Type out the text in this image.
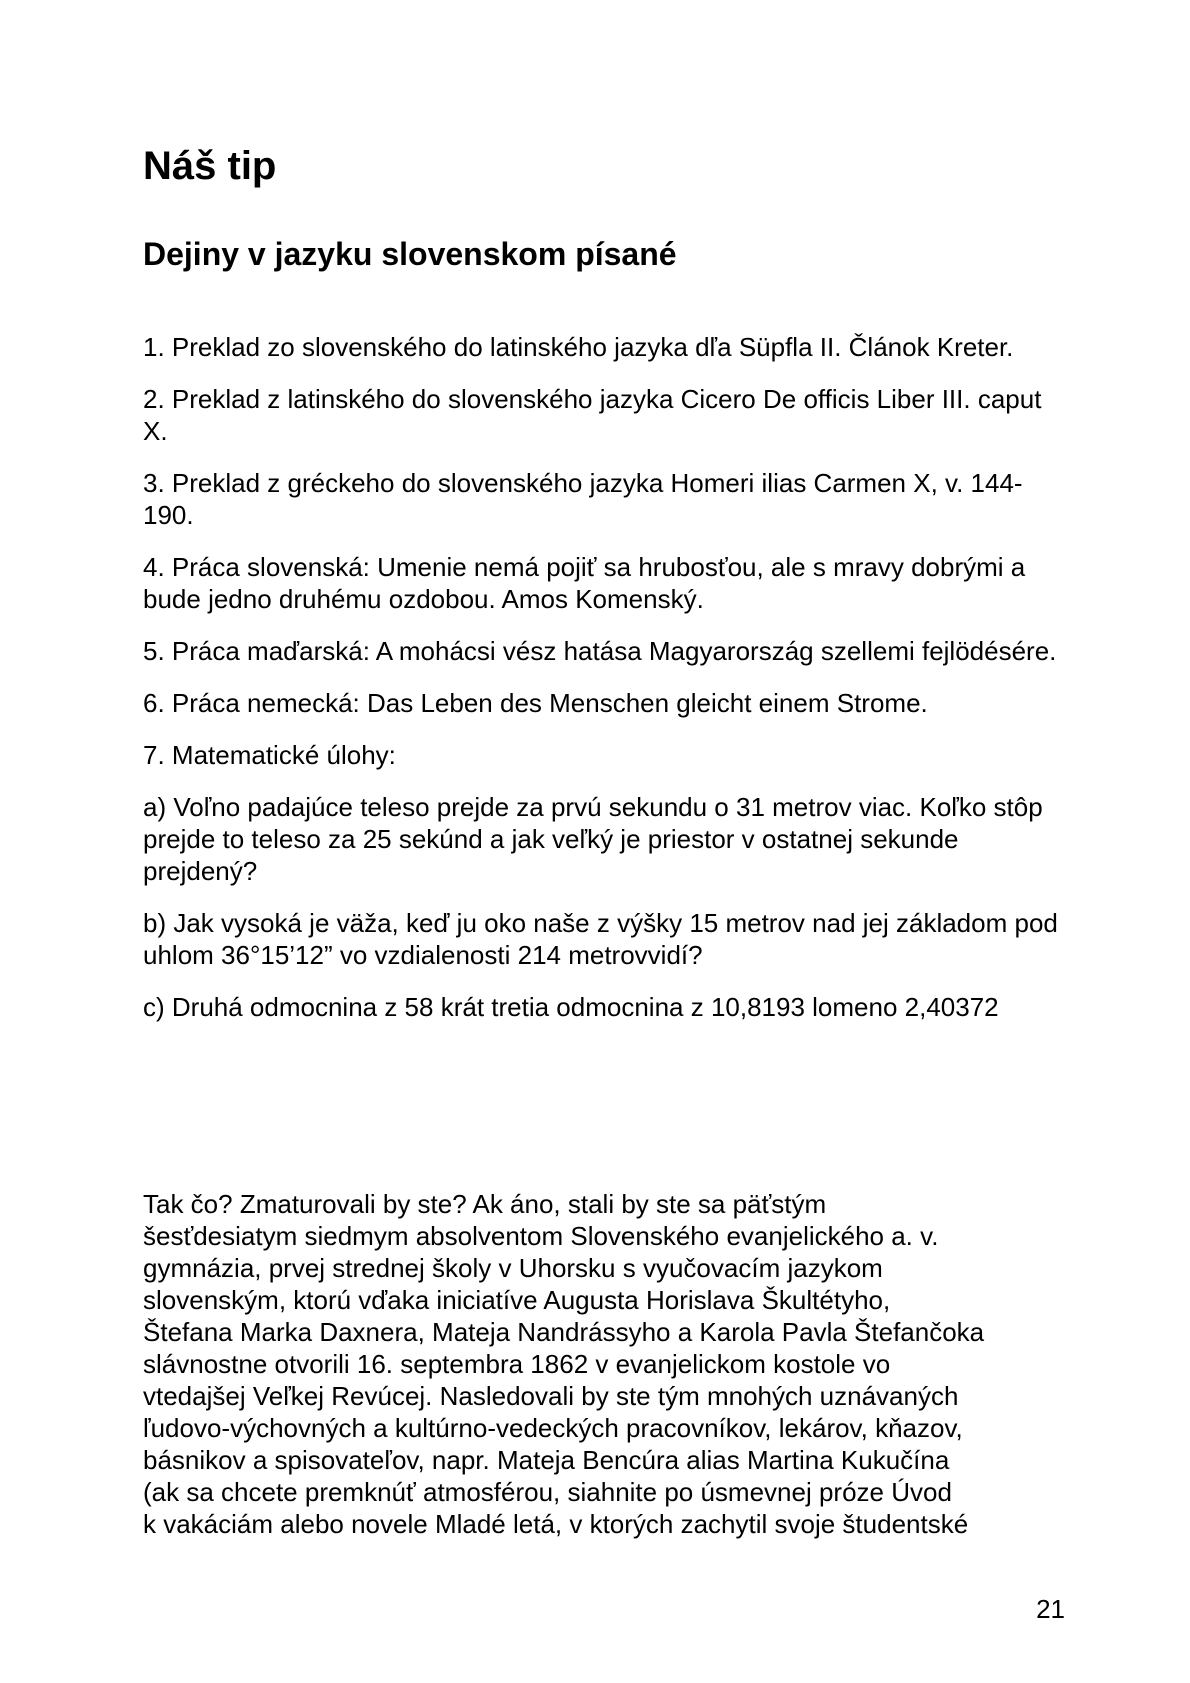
Náš tip
Dejiny v jazyku slovenskom písané

1. Preklad zo slovenského do latinského jazyka dľa Süpfla II. Článok Kreter.

2. Preklad z latinského do slovenského jazyka Cicero De officis Liber III. caput X.

3. Preklad z gréckeho do slovenského jazyka Homeri ilias Carmen X, v. 144-190.

4. Práca slovenská: Umenie nemá pojiť sa hrubosťou, ale s mravy dobrými a bude jedno druhému ozdobou. Amos Komenský.

5. Práca maďarská: A mohácsi vész hatása Magyarország szellemi fejlödésére.

6. Práca nemecká: Das Leben des Menschen gleicht einem Strome.

7. Matematické úlohy:

a) Voľno padajúce teleso prejde za prvú sekundu o 31 metrov viac. Koľko stôp prejde to teleso za 25 sekúnd a jak veľký je priestor v ostatnej sekunde prejdený?

b) Jak vysoká je väža, keď ju oko naše z výšky 15 metrov nad jej základom pod uhlom 36°15’12” vo vzdialenosti 214 metrovvidí?

c) Druhá odmocnina z 58 krát tretia odmocnina z 10,8193 lomeno 2,40372

Tak čo? Zmaturovali by ste? Ak áno, stali by ste sa päťstým
šesťdesiatym siedmym absolventom Slovenského evanjelického a. v.
gymnázia, prvej strednej školy v Uhorsku s vyučovacím jazykom
slovenským, ktorú vďaka iniciatíve Augusta Horislava Škultétyho,
Štefana Marka Daxnera, Mateja Nandrássyho a Karola Pavla Štefančoka
slávnostne otvorili 16. septembra 1862 v evanjelickom kostole vo
vtedajšej Veľkej Revúcej. Nasledovali by ste tým mnohých uznávaných
ľudovo-výchovných a kultúrno-vedeckých pracovníkov, lekárov, kňazov,
básnikov a spisovateľov, napr. Mateja Bencúra alias Martina Kukučína
(ak sa chcete premknúť atmosférou, siahnite po úsmevnej próze Úvod
k vakáciám alebo novele Mladé letá, v ktorých zachytil svoje študentské

21
